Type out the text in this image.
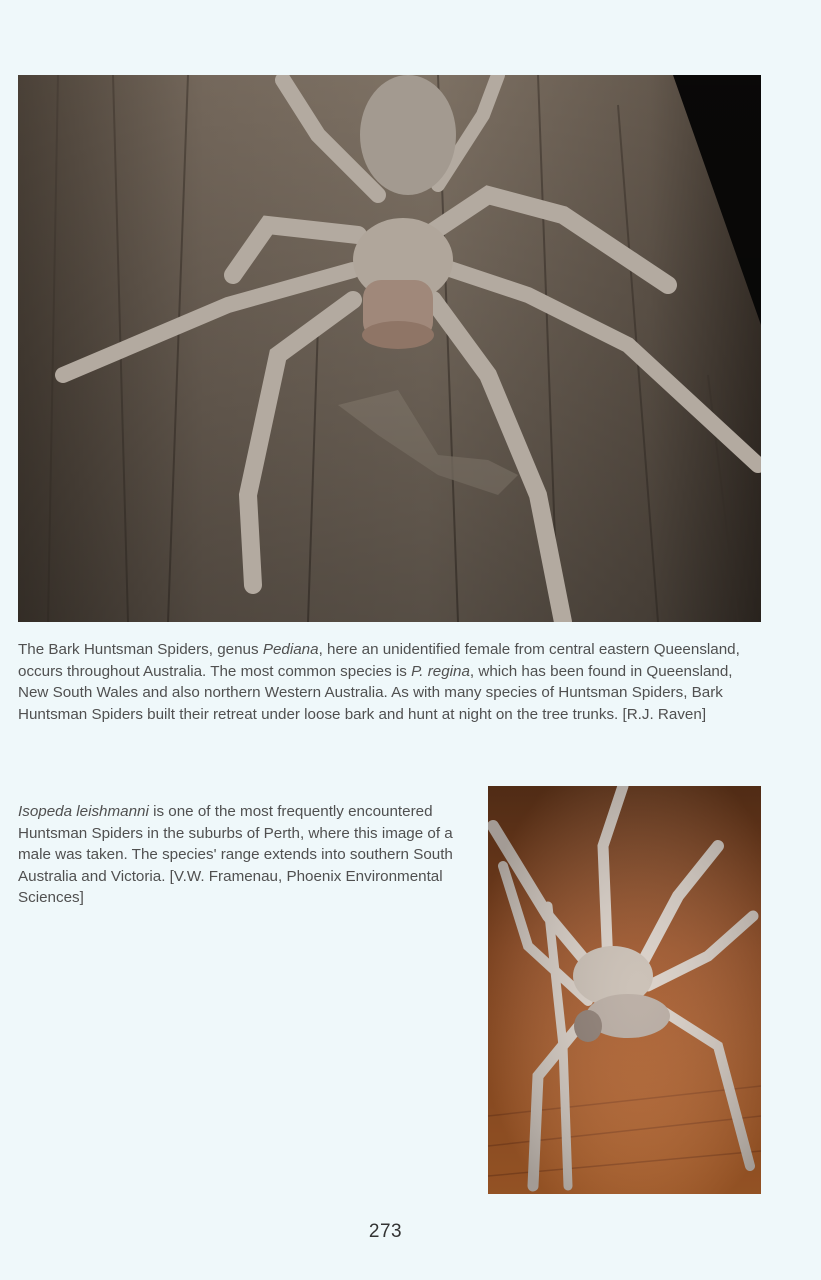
The Bark Huntsman Spiders, genus Pediana, here an unidentified female from central eastern Queensland, occurs throughout Australia. The most common species is P. regina, which has been found in Queensland, New South Wales and also northern Western Australia. As with many species of Huntsman Spiders, Bark Huntsman Spiders built their retreat under loose bark and hunt at night on the tree trunks. [R.J. Raven]

Isopeda leishmanni is one of the most frequently encountered Huntsman Spiders in the suburbs of Perth, where this image of a male was taken. The species' range extends into southern South Australia and Victoria. [V.W. Framenau, Phoenix Environmental Sciences]

273
